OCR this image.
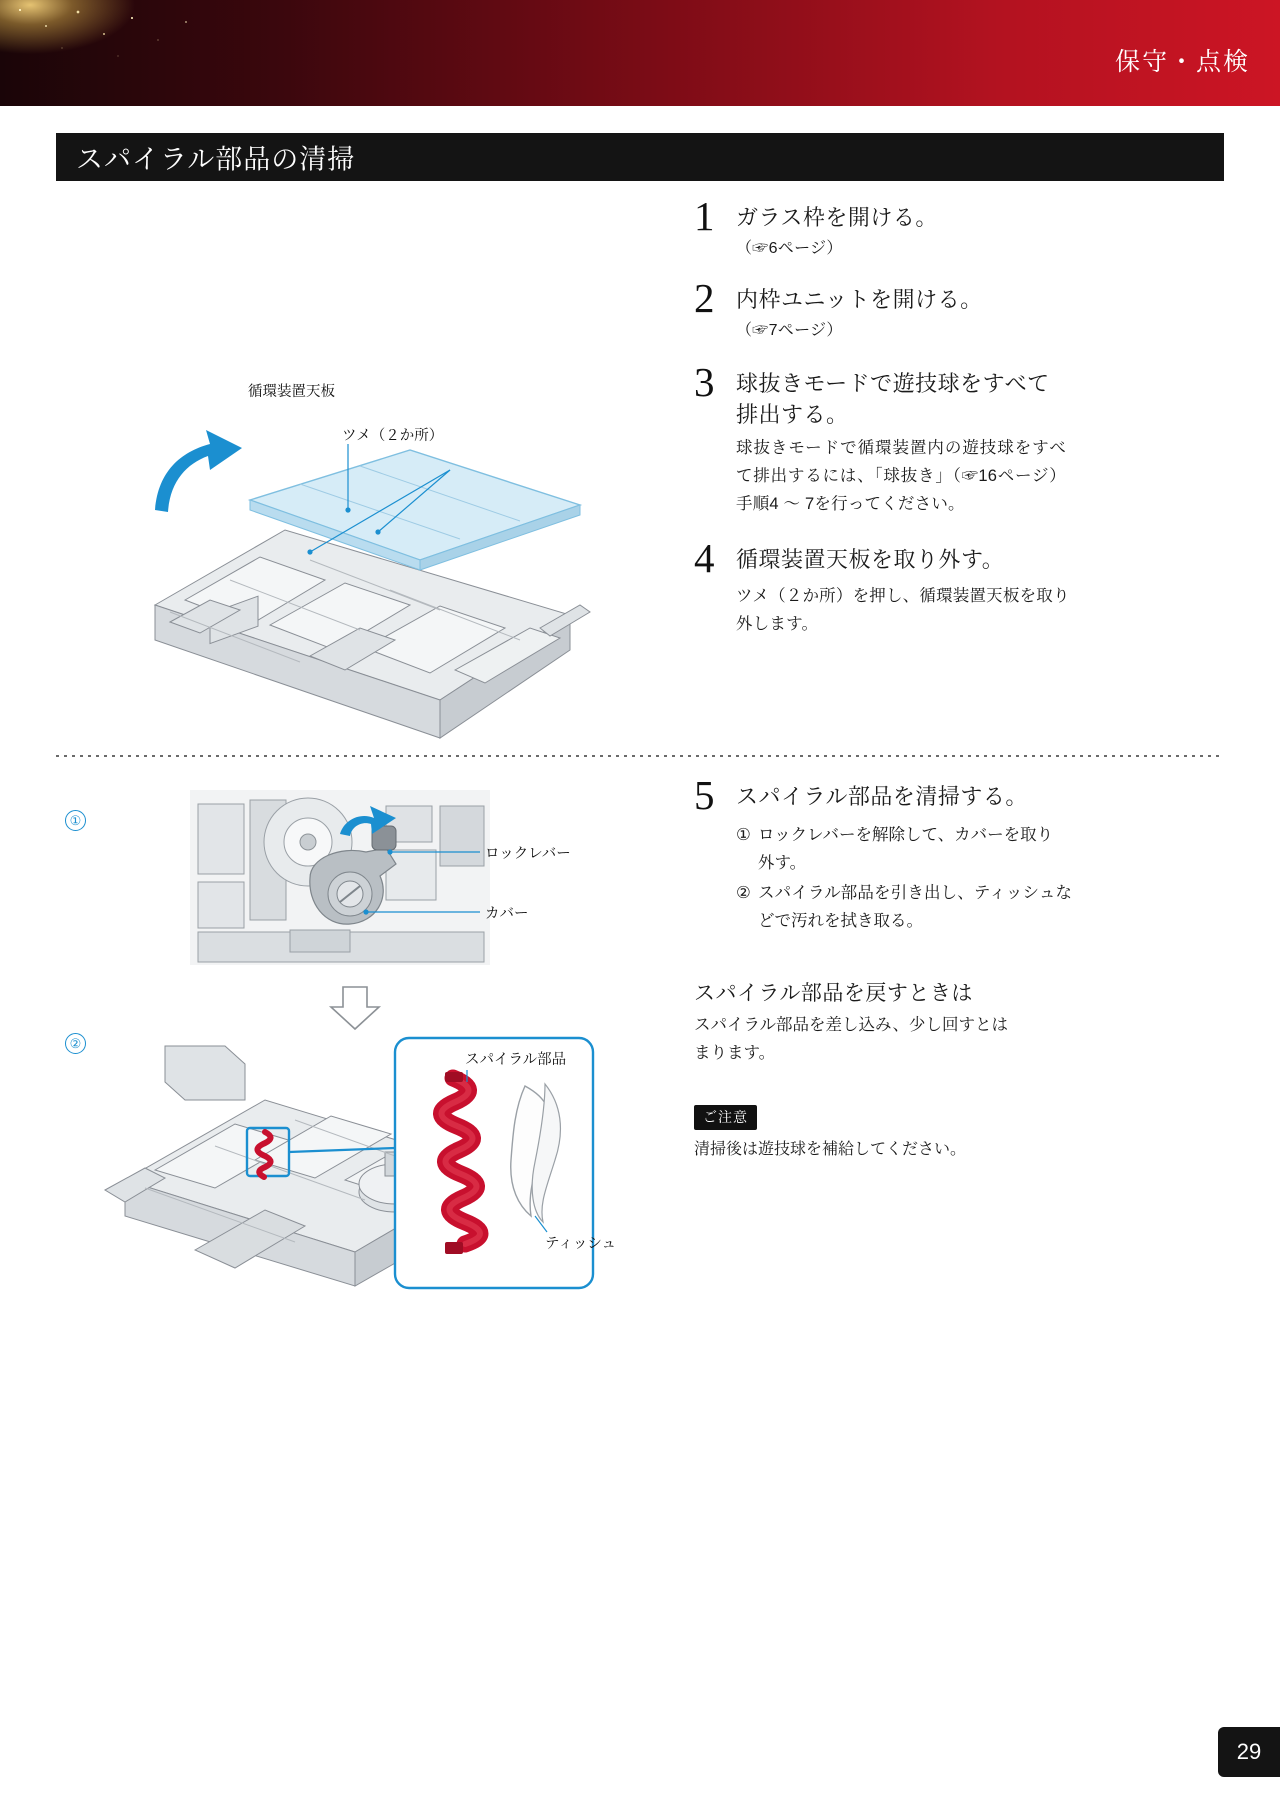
保守・点検
スパイラル部品の清掃
循環装置天板
ツメ（２か所）
1 ガラス枠を開ける。
（☞6ページ）
2 内枠ユニットを開ける。
（☞7ページ）
3 球抜きモードで遊技球をすべて排出する。
球抜きモードで循環装置内の遊技球をすべて排出するには、「球抜き」（☞16ページ）手順4 〜 7を行ってください。
4 循環装置天板を取り外す。
ツメ（２か所）を押し、循環装置天板を取り外します。
①
ロックレバー
カバー
②
スパイラル部品
ティッシュ
5 スパイラル部品を清掃する。
① ロックレバーを解除して、カバーを取り外す。
② スパイラル部品を引き出し、ティッシュなどで汚れを拭き取る。
スパイラル部品を戻すときは
スパイラル部品を差し込み、少し回すとはまります。
ご注意
清掃後は遊技球を補給してください。
29
